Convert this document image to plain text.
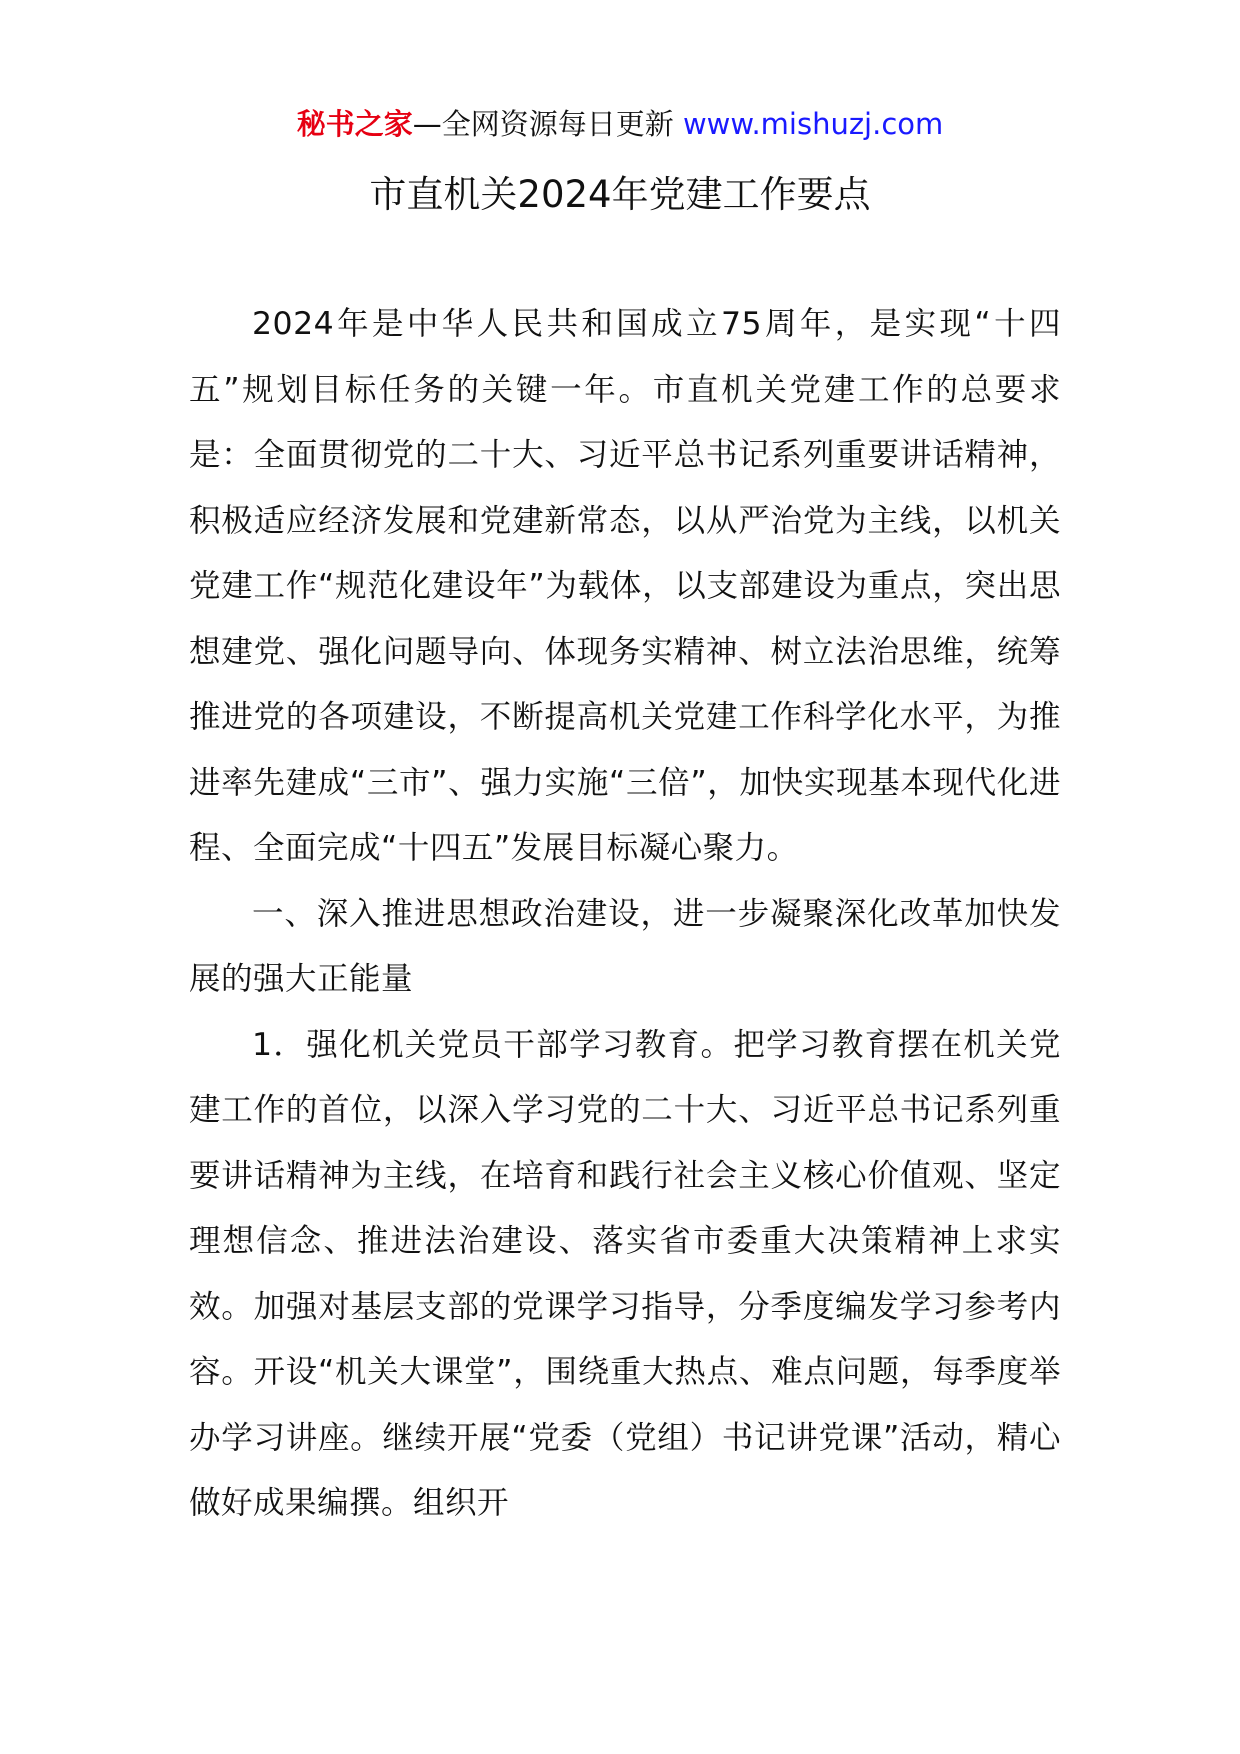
秘书之家—全网资源每日更新 www.mishuzj.com
市直机关2024年党建工作要点

2024年是中华人民共和国成立75周年，是实现“十四五”规划目标任务的关键一年。市直机关党建工作的总要求是：全面贯彻党的二十大、习近平总书记系列重要讲话精神，积极适应经济发展和党建新常态，以从严治党为主线，以机关党建工作“规范化建设年”为载体，以支部建设为重点，突出思想建党、强化问题导向、体现务实精神、树立法治思维，统筹推进党的各项建设，不断提高机关党建工作科学化水平，为推进率先建成“三市”、强力实施“三倍”，加快实现基本现代化进程、全面完成“十四五”发展目标凝心聚力。

一、深入推进思想政治建设，进一步凝聚深化改革加快发展的强大正能量

1．强化机关党员干部学习教育。把学习教育摆在机关党建工作的首位，以深入学习党的二十大、习近平总书记系列重要讲话精神为主线，在培育和践行社会主义核心价值观、坚定理想信念、推进法治建设、落实省市委重大决策精神上求实效。加强对基层支部的党课学习指导，分季度编发学习参考内容。开设“机关大课堂”，围绕重大热点、难点问题，每季度举办学习讲座。继续开展“党委（党组）书记讲党课”活动，精心做好成果编撰。组织开
